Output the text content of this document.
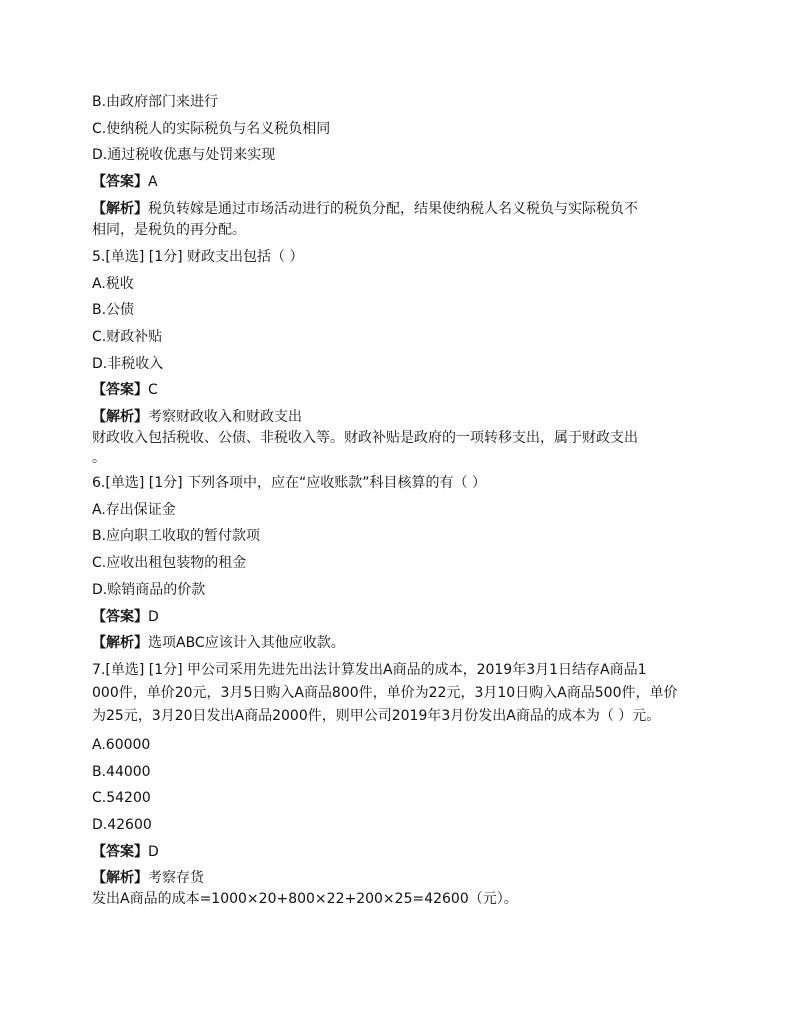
B.由政府部门来进行

C.使纳税人的实际税负与名义税负相同

D.通过税收优惠与处罚来实现

【答案】A

【解析】税负转嫁是通过市场活动进行的税负分配，结果使纳税人名义税负与实际税负不

相同，是税负的再分配。

5.[单选] [1分] 财政支出包括（ ）

A.税收

B.公债

C.财政补贴

D.非税收入

【答案】C

【解析】考察财政收入和财政支出

财政收入包括税收、公债、非税收入等。财政补贴是政府的一项转移支出，属于财政支出

。

6.[单选] [1分] 下列各项中，应在“应收账款”科目核算的有（ ）

A.存出保证金

B.应向职工收取的暂付款项

C.应收出租包装物的租金

D.赊销商品的价款

【答案】D

【解析】选项ABC应该计入其他应收款。

7.[单选] [1分] 甲公司采用先进先出法计算发出A商品的成本，2019年3月1日结存A商品1

000件，单价20元，3月5日购入A商品800件，单价为22元，3月10日购入A商品500件，单价

为25元，3月20日发出A商品2000件，则甲公司2019年3月份发出A商品的成本为（ ）元。

A.60000

B.44000

C.54200

D.42600

【答案】D

【解析】考察存货

发出A商品的成本=1000×20+800×22+200×25=42600（元）。
